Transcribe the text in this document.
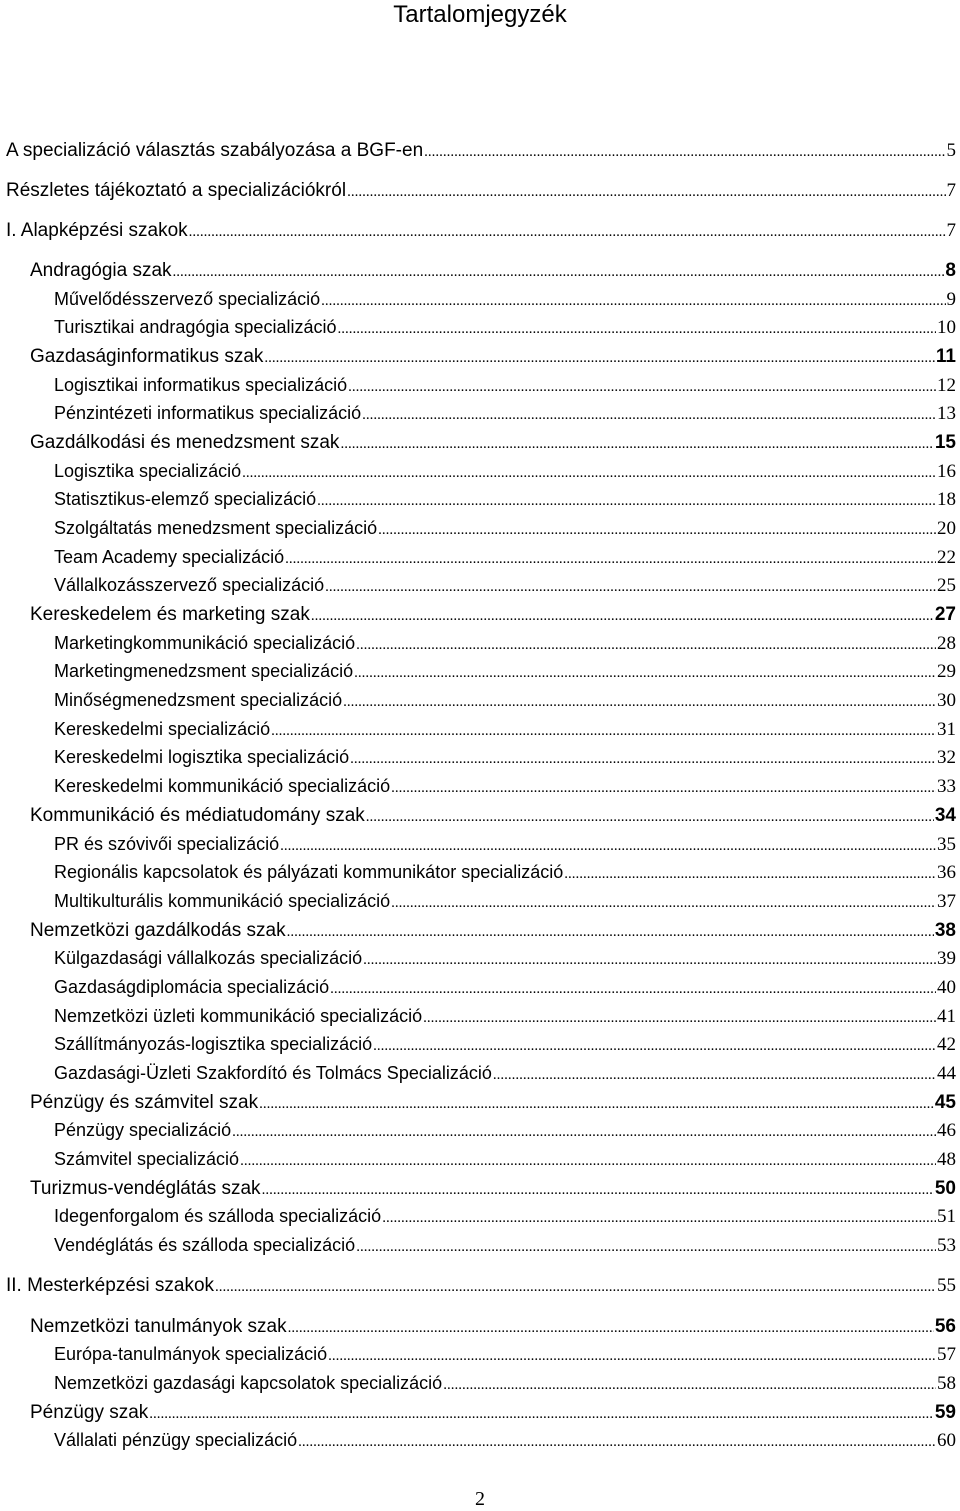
Tartalomjegyzék
A specializáció választás szabályozása a BGF-en .....	5
Részletes tájékoztató a specializációkról .....	7
I. Alapképzési szakok .....	7
Andragógia szak .....	8
Művelődésszervező specializáció .....	9
Turisztikai andragógia specializáció .....	10
Gazdaságinformatikus szak .....	11
Logisztikai informatikus specializáció .....	12
Pénzintézeti informatikus specializáció .....	13
Gazdálkodási és menedzsment szak .....	15
Logisztika specializáció .....	16
Statisztikus-elemző specializáció .....	18
Szolgáltatás menedzsment specializáció .....	20
Team Academy specializáció .....	22
Vállalkozásszervező specializáció .....	25
Kereskedelem és marketing szak .....	27
Marketingkommunikáció specializáció .....	28
Marketingmenedzsment specializáció .....	29
Minőségmenedzsment specializáció .....	30
Kereskedelmi specializáció .....	31
Kereskedelmi logisztika specializáció .....	32
Kereskedelmi kommunikáció specializáció .....	33
Kommunikáció és médiatudomány szak .....	34
PR és szóvivői specializáció .....	35
Regionális kapcsolatok és pályázati kommunikátor specializáció .....	36
Multikulturális kommunikáció specializáció .....	37
Nemzetközi gazdálkodás szak .....	38
Külgazdasági vállalkozás specializáció .....	39
Gazdaságdiplomácia specializáció .....	40
Nemzetközi üzleti kommunikáció specializáció .....	41
Szállítmányozás-logisztika specializáció .....	42
Gazdasági-Üzleti Szakfordító és Tolmács Specializáció .....	44
Pénzügy és számvitel szak .....	45
Pénzügy specializáció .....	46
Számvitel specializáció .....	48
Turizmus-vendéglátás szak .....	50
Idegenforgalom és szálloda specializáció .....	51
Vendéglátás és szálloda specializáció .....	53
II. Mesterképzési szakok .....	55
Nemzetközi tanulmányok szak .....	56
Európa-tanulmányok specializáció .....	57
Nemzetközi gazdasági kapcsolatok specializáció .....	58
Pénzügy szak .....	59
Vállalati pénzügy specializáció .....	60
2
